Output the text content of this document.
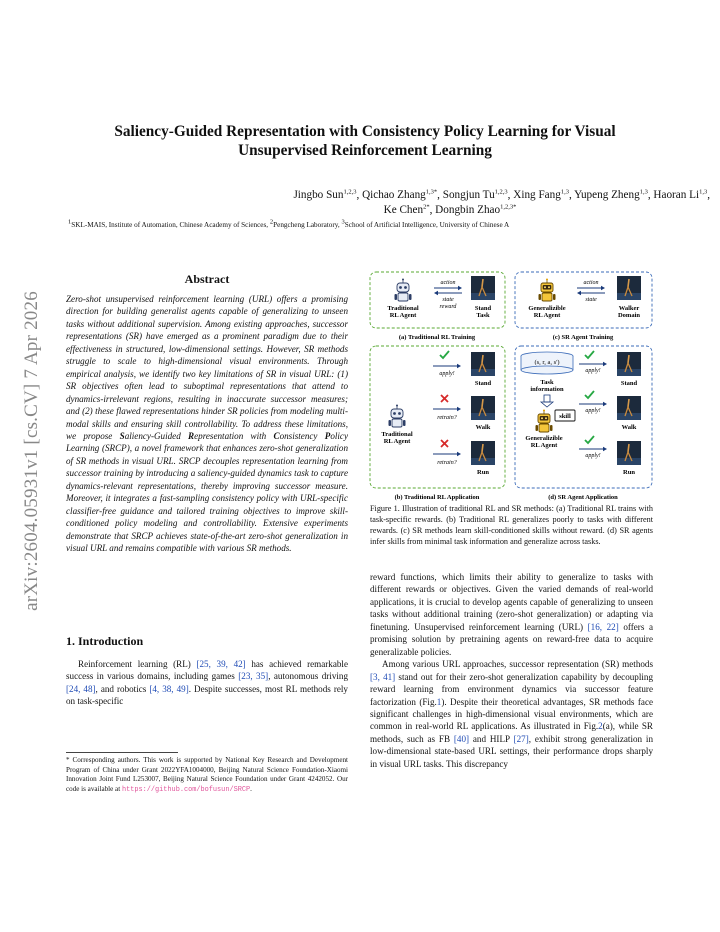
arXiv:2604.05931v1 [cs.CV] 7 Apr 2026
Saliency-Guided Representation with Consistency Policy Learning for Visual
Unsupervised Reinforcement Learning
Jingbo Sun$^{1,2,3}$, Qichao Zhang$^{1,3*}$, Songjun Tu$^{1,2,3}$, Xing Fang$^{1,3}$, Yupeng Zheng$^{1,3}$, Haoran Li$^{1,3}$,
Ke Chen$^{2*}$, Dongbin Zhao$^{1,2,3*}$
$^1$SKL-MAIS, Institute of Automation, Chinese Academy of Sciences, $^2$Pengcheng Laboratory, $^3$School of Artificial Intelligence, University of Chinese A
Abstract

Zero-shot unsupervised reinforcement learning (URL) offers a promising direction for building generalist agents capable of generalizing to unseen tasks without additional supervision. Among existing approaches, successor representations (SR) have emerged as a prominent paradigm due to their effectiveness in structured, low-dimensional settings. However, SR methods struggle to scale to high-dimensional visual environments. Through empirical analysis, we identify two key limitations of SR in visual URL: (1) SR objectives often lead to suboptimal representations that attend to dynamics-irrelevant regions, resulting in inaccurate successor measures; and (2) these flawed representations hinder SR policies from modeling multi-modal skills and ensuring skill controllability. To address these limitations, we propose Saliency-Guided Representation with Consistency Policy Learning (SRCP), a novel framework that enhances zero-shot generalization of SR methods in visual URL. SRCP decouples representation learning from successor training by introducing a saliency-guided dynamics task to capture dynamics-relevant representations, thereby improving successor measure. Moreover, it integrates a fast-sampling consistency policy with URL-specific classifier-free guidance and tailored training objectives to improve skill-conditioned policy modeling and controllability. Extensive experiments demonstrate that SRCP achieves state-of-the-art zero-shot generalization in visual URL and remains compatible with various SR methods.

1. Introduction

Reinforcement learning (RL) [25, 39, 42] has achieved remarkable success in various domains, including games [23, 35], autonomous driving [24, 48], and robotics [4, 38, 49]. Despite successes, most RL methods rely on task-specific

* Corresponding authors. This work is supported by National Key Research and Development Program of China under Grant 2022YFA1004000, Beijing Natural Science Foundation-Xiaomi Innovation Joint Fund L253007, Beijing Natural Science Foundation under Grant 4242052. Our code is available at https://github.com/bofusun/SRCP.
Traditional
RL Agent
action
state
reward	Stand
Task
(a) Traditional RL Training
Generalizible
RL Agent
action
state
Walker
Domain
(c) SR Agent Training
Traditional
RL Agent
apply!
Stand
retrain?
Walk
retrain?
Run
(b) Traditional RL Application
(s, r, a, s')
Task
information
skill
Generalizible
RL Agent
apply!
Stand
apply!
Walk
apply!
Run
(d) SR Agent Application
Figure 1. Illustration of traditional RL and SR methods: (a) Traditional RL trains with task-specific rewards. (b) Traditional RL generalizes poorly to tasks with different rewards. (c) SR methods learn skill-conditioned skills without reward. (d) SR agents infer skills from minimal task information and generalize across tasks.

reward functions, which limits their ability to generalize to tasks with different rewards or objectives. Given the varied demands of real-world applications, it is crucial to develop agents capable of generalizing to unseen tasks without additional training (zero-shot generalization) or adapting via finetuning. Unsupervised reinforcement learning (URL) [16, 22] offers a promising solution by pretraining agents on reward-free data to acquire generalizable policies.

Among various URL approaches, successor representation (SR) methods [3, 41] stand out for their zero-shot generalization capability by decoupling reward learning from environment dynamics via successor feature factorization (Fig.1). Despite their theoretical advantages, SR methods face significant challenges in high-dimensional visual environments, which are common in real-world RL applications. As illustrated in Fig.2(a), while SR methods, such as FB [40] and HILP [27], exhibit strong generalization in low-dimensional state-based URL settings, their performance drops sharply in visual URL tasks. This discrepancy
